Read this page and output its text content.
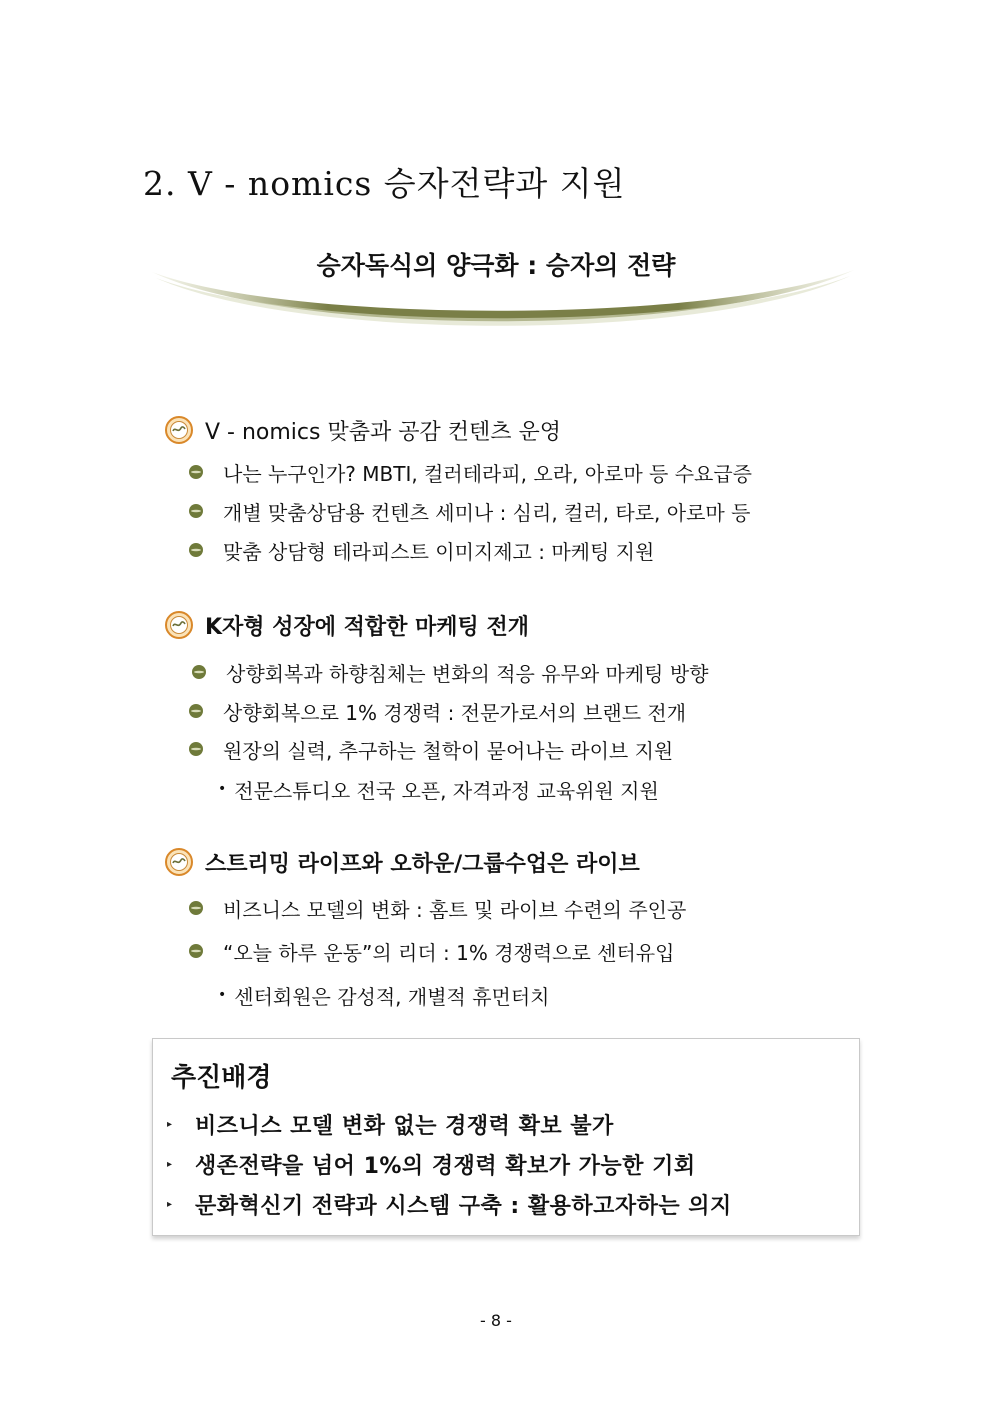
2. V - nomics 승자전략과 지원
승자독식의 양극화 : 승자의 전략
V - nomics 맞춤과 공감 컨텐츠 운영
나는 누구인가? MBTI, 컬러테라피, 오라, 아로마 등 수요급증
개별 맞춤상담용 컨텐츠 세미나 : 심리, 컬러, 타로, 아로마 등
맞춤 상담형 테라피스트 이미지제고 : 마케팅 지원
K자형 성장에 적합한 마케팅 전개
상향회복과 하향침체는 변화의 적응 유무와 마케팅 방향
상향회복으로 1% 경쟁력 : 전문가로서의 브랜드 전개
원장의 실력, 추구하는 철학이 묻어나는 라이브 지원
• 전문스튜디오 전국 오픈, 자격과정 교육위원 지원
스트리밍 라이프와 오하운/그룹수업은 라이브
비즈니스 모델의 변화 : 홈트 및 라이브 수련의 주인공
“오늘 하루 운동”의 리더 : 1% 경쟁력으로 센터유입
• 센터회원은 감성적, 개별적 휴먼터치
추진배경
▸ 비즈니스 모델 변화 없는 경쟁력 확보 불가
▸ 생존전략을 넘어 1%의 경쟁력 확보가 가능한 기회
▸ 문화혁신기 전략과 시스템 구축 : 활용하고자하는 의지
- 8 -
